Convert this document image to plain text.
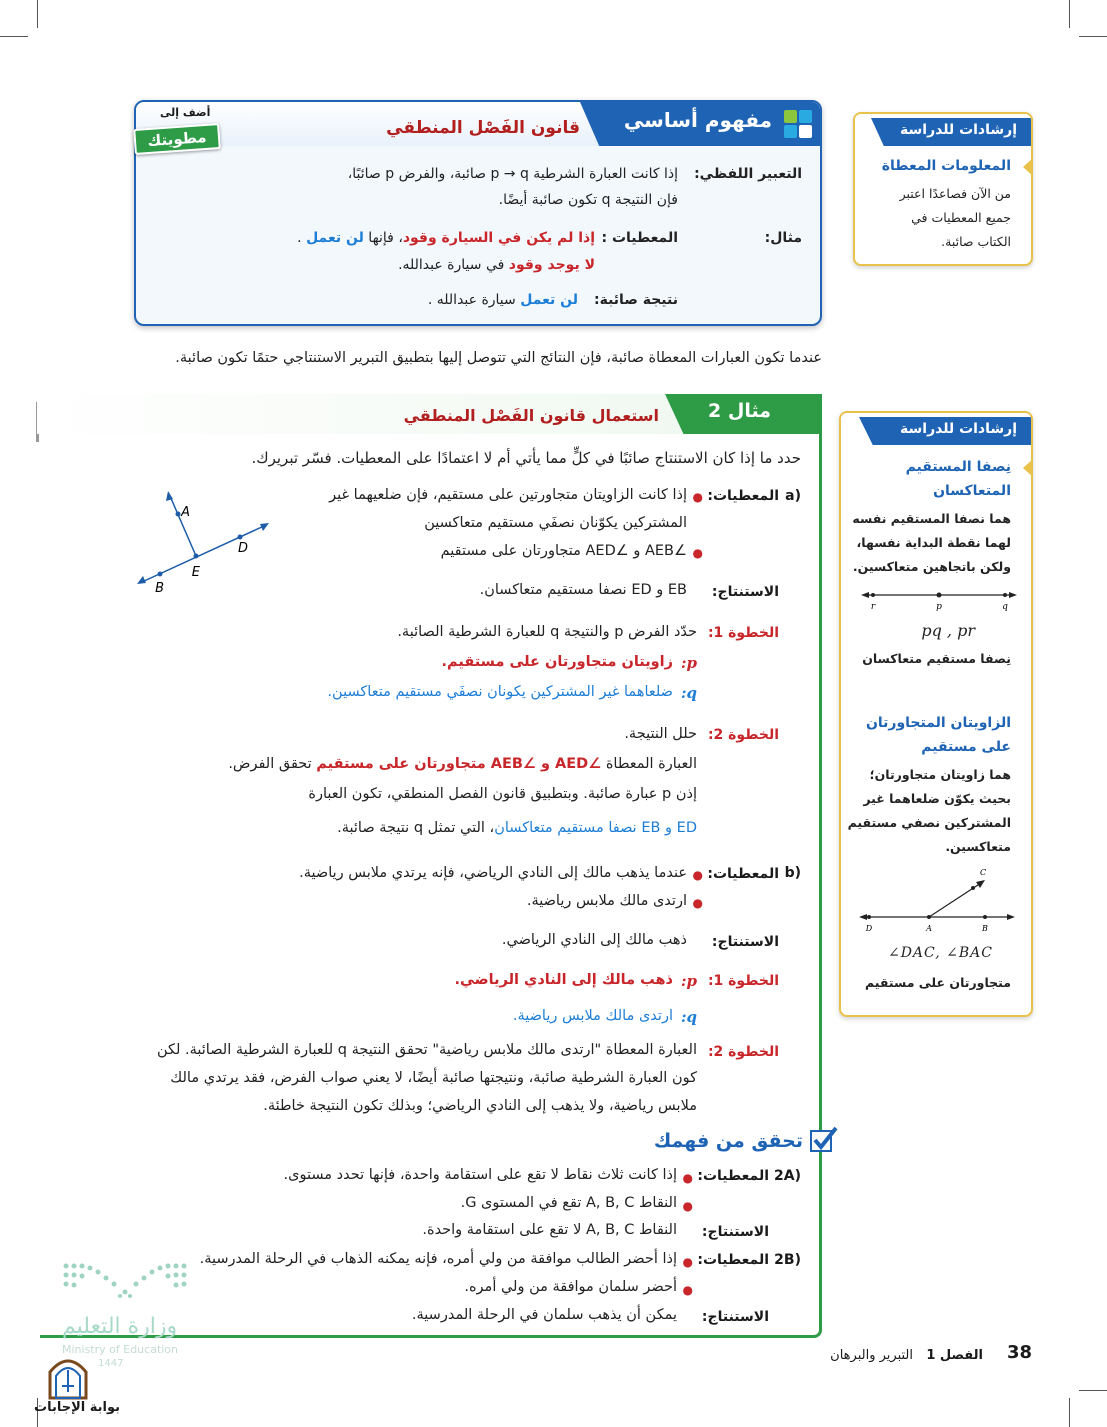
مفهوم أساسي
قانون الفَصْل المنطقي
التعبير اللفظي:
إذا كانت العبارة الشرطية p → q صائبة، والفرض p صائبًا،
فإن النتيجة q تكون صائبة أيضًا.
مثال:
المعطيات :
إذا لم يكن في السيارة وقود، فإنها لن تعمل .
لا يوجد وقود في سيارة عبدالله.
نتيجة صائبة:
لن تعمل سيارة عبدالله .
أضف إلى
مطويتك
عندما تكون العبارات المعطاة صائبة، فإن النتائج التي تتوصل إليها بتطبيق التبرير الاستنتاجي حتمًا تكون صائبة.
إرشادات للدراسة
المعلومات المعطاة
من الآن فصاعدًا اعتبر
جميع المعطيات في
الكتاب صائبة.
إرشادات للدراسة
نِصفا المستقيم
المتعاكسان
هما نصفا المستقيم نفسه
لهما نقطة البداية نفسها،
ولكن باتجاهين متعاكسين.
r	p	q
pq , pr
نِصفا مستقيم متعاكسان
الزاويتان المتجاورتان
على مستقيم
هما زاويتان متجاورتان؛
بحيث يكوّن ضلعاهما غير
المشتركين نصفي مستقيم
متعاكسين.
C
D	A	B
∠DAC, ∠BAC
متجاورتان على مستقيم
مثال 2
استعمال قانون الفَصْل المنطقي
حدد ما إذا كان الاستنتاج صائبًا في كلٍّ مما يأتي أم لا اعتمادًا على المعطيات. فسّر تبريرك.
(a
المعطيات:
●
إذا كانت الزاويتان متجاورتين على مستقيم، فإن ضلعيهما غير
المشتركين يكوّنان نصفَي مستقيم متعاكسين
●
∠AEB و ∠AED متجاورتان على مستقيم
الاستنتاج:
EB و ED نصفا مستقيم متعاكسان.
الخطوة 1:
حدّد الفرض p والنتيجة q للعبارة الشرطية الصائبة.
p:
زاويتان متجاورتان على مستقيم.
q:
ضلعاهما غير المشتركين يكونان نصفَي مستقيم متعاكسين.
الخطوة 2:
حلل النتيجة.
العبارة المعطاة ∠AED و ∠AEB متجاورتان على مستقيم تحقق الفرض.
إذن p عبارة صائبة. وبتطبيق قانون الفصل المنطقي، تكون العبارة
ED و EB نصفا مستقيم متعاكسان، التي تمثل q نتيجة صائبة.
A
D
E
B
(b
المعطيات:
●
عندما يذهب مالك إلى النادي الرياضي، فإنه يرتدي ملابس رياضية.
●
ارتدى مالك ملابس رياضية.
الاستنتاج:
ذهب مالك إلى النادي الرياضي.
الخطوة 1:
p:
ذهب مالك إلى النادي الرياضي.
q:
ارتدى مالك ملابس رياضية.
الخطوة 2:
العبارة المعطاة "ارتدى مالك ملابس رياضية" تحقق النتيجة q للعبارة الشرطية الصائبة. لكن
كون العبارة الشرطية صائبة، ونتيجتها صائبة أيضًا، لا يعني صواب الفرض، فقد يرتدي مالك
ملابس رياضية، ولا يذهب إلى النادي الرياضي؛ وبذلك تكون النتيجة خاطئة.
تحقق من فهمك
(2A
المعطيات:
●
إذا كانت ثلاث نقاط لا تقع على استقامة واحدة، فإنها تحدد مستوى.
●
النقاط A, B, C تقع في المستوى G.
الاستنتاج:
النقاط A, B, C لا تقع على استقامة واحدة.
(2B
المعطيات:
●
إذا أحضر الطالب موافقة من ولي أمره، فإنه يمكنه الذهاب في الرحلة المدرسية.
●
أحضر سلمان موافقة من ولي أمره.
الاستنتاج:
يمكن أن يذهب سلمان في الرحلة المدرسية.
وزارة التعليم
Ministry of Education
1447
بوابة الإجابات
38
الفصل 1
التبرير والبرهان
